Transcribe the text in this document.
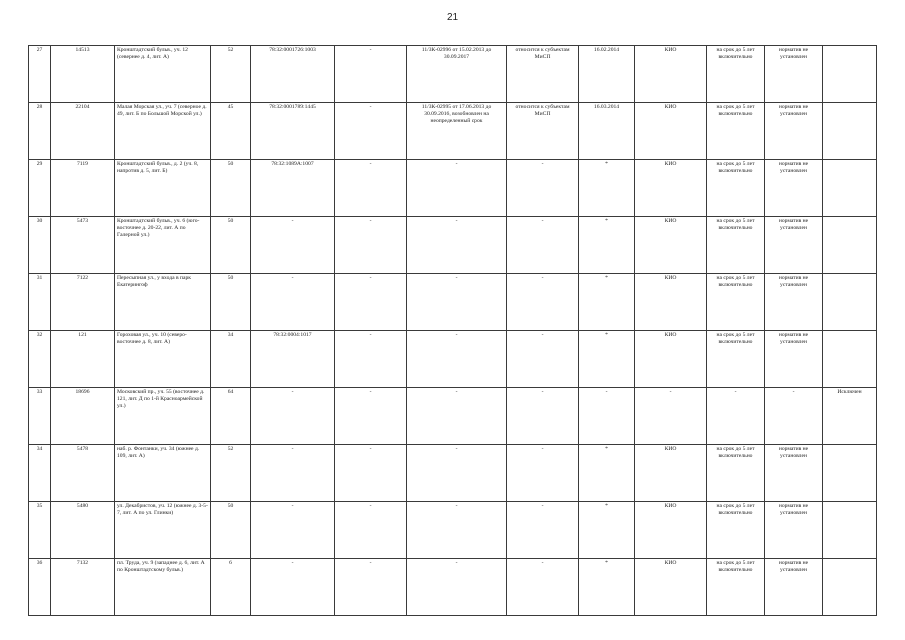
21
27	14513	Кронштадтский бульв., уч. 12 (севернее д. 4, лит. А)	52	78:32:0001726:1003	-	11/ЗК-02996 от 15.02.2013 до 30.09.2017	относится к субъектам МиСП	16.02.2014	КИО	на срок до 5 лет включительно	норматив не установлен	
28	22104	Малая Морская ул., уч. 7 (северное д. 49, лит. Б по Большой Морской ул.)	45	78:32:0001789:1445	-	11/ЗК-02995 от 17.06.2013 до 30.09.2016, возобновлен на неопределенный срок	относится к субъектам МиСП	16.03.2014	КИО	на срок до 5 лет включительно	норматив не установлен	
29	7119	Кронштадтский бульв., д. 2 (уч. 8, напротив д. 5, лит. Б)	50	78:32:1089А:1007	-	-	-	*	КИО	на срок до 5 лет включительно	норматив не установлен	
30	5473	Кронштадтский бульв., уч. 6 (юго-восточнее д. 20-22, лит. А по Галерной ул.)	50	-	-	-	-	*	КИО	на срок до 5 лет включительно	норматив не установлен	
31	7122	Пересыпная ул., у входа в парк Екатерингоф	50	-	-	-	-	*	КИО	на срок до 5 лет включительно	норматив не установлен	
32	121	Гороховая ул., уч. 10 (северо-восточнее д. 8, лит. А)	34	78:32:0004:1017	-	-	-	*	КИО	на срок до 5 лет включительно	норматив не установлен	
33	18696	Московский пр., уч. 55 (восточнее д. 121, лит. Д по 1-й Красноармейской ул.)	64	-	-	-	-	-	-	-	-	Исключен
34	5478	наб. р. Фонтанки, уч. 34 (южнее д. 109, лит. А)	52	-	-	-	-	*	КИО	на срок до 5 лет включительно	норматив не установлен	
35	5480	ул. Декабристов, уч. 12 (южнее д. 3-5-7, лит. А по ул. Глинки)	50	-	-	-	-	*	КИО	на срок до 5 лет включительно	норматив не установлен	
36	7132	пл. Труда, уч. 9 (западнее д. 6, лит. А по Кронштадтскому бульв.)	6	-	-	-	-	*	КИО	на срок до 5 лет включительно	норматив не установлен	
